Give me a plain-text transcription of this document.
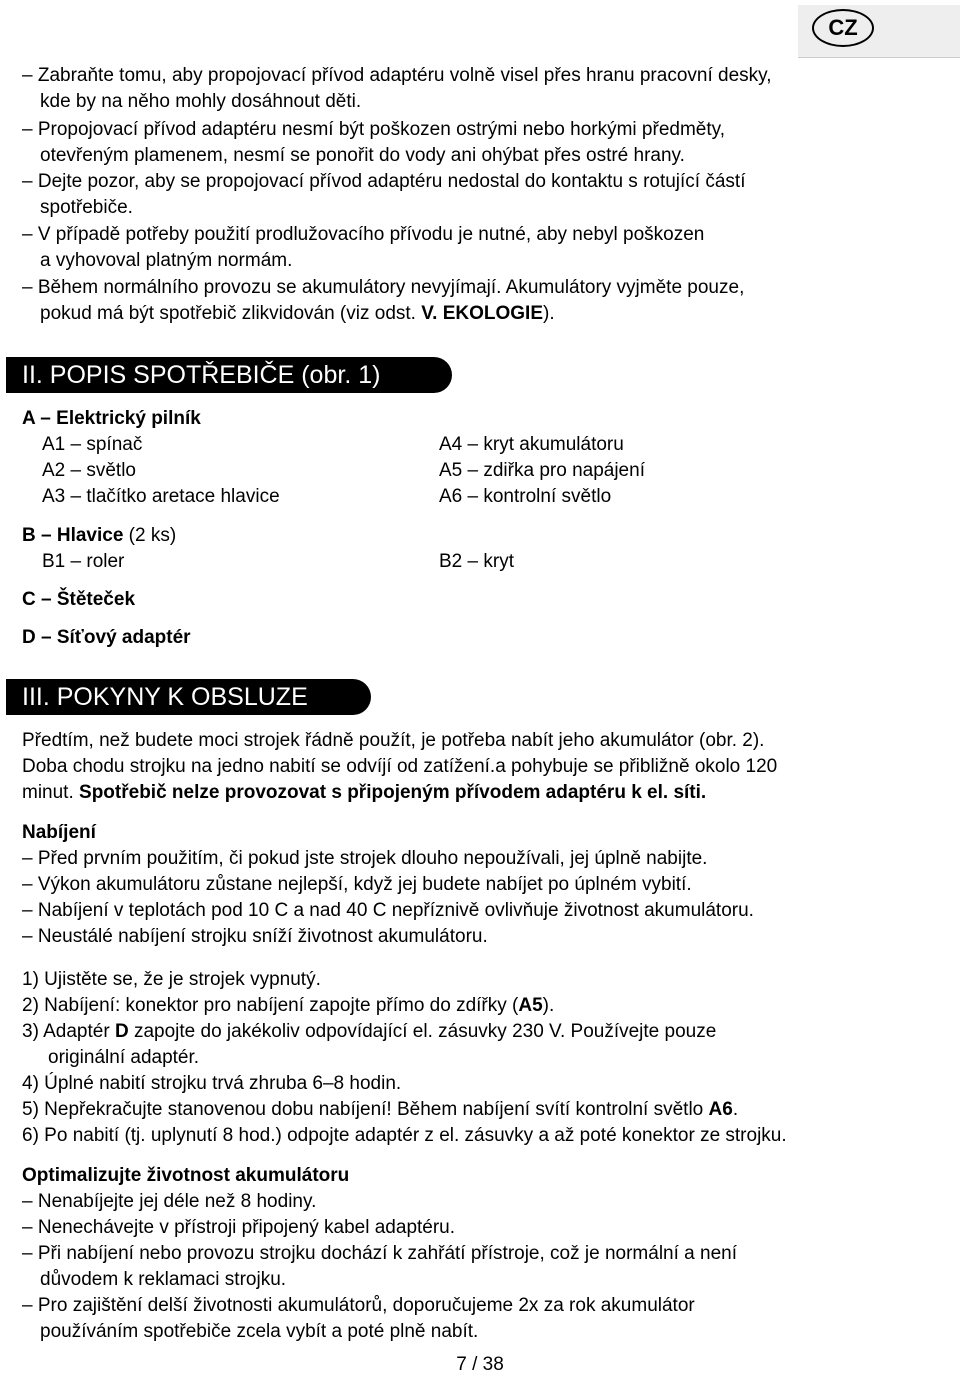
CZ
– Zabraňte tomu, aby propojovací přívod adaptéru volně visel přes hranu pracovní desky,
kde by na něho mohly dosáhnout děti.
– Propojovací přívod adaptéru nesmí být poškozen ostrými nebo horkými předměty,
otevřeným plamenem, nesmí se ponořit do vody ani ohýbat přes ostré hrany.
– Dejte pozor, aby se propojovací přívod adaptéru nedostal do kontaktu s rotující částí
spotřebiče.
– V případě potřeby použití prodlužovacího přívodu je nutné, aby nebyl poškozen
a vyhovoval platným normám.
– Během normálního provozu se akumulátory nevyjímají. Akumulátory vyjměte pouze,
pokud má být spotřebič zlikvidován (viz odst. V. EKOLOGIE).
II. POPIS SPOTŘEBIČE (obr. 1)
A – Elektrický pilník
A1 – spínač
A2 – světlo
A3 – tlačítko aretace hlavice
A4 – kryt akumulátoru
A5 – zdiřka pro napájení
A6 – kontrolní světlo
B – Hlavice (2 ks)
B1 – roler	B2 – kryt
C – Štěteček
D – Síťový adaptér
III. POKYNY K OBSLUZE
Předtím, než budete moci strojek řádně použít, je potřeba nabít jeho akumulátor (obr. 2).
Doba chodu strojku na jedno nabití se odvíjí od zatížení.a pohybuje se přibližně okolo 120
minut. Spotřebič nelze provozovat s připojeným přívodem adaptéru k el. síti.
Nabíjení
– Před prvním použitím, či pokud jste strojek dlouho nepoužívali, jej úplně nabijte.
– Výkon akumulátoru zůstane nejlepší, když jej budete nabíjet po úplném vybití.
– Nabíjení v teplotách pod 10 C a nad 40 C nepříznivě ovlivňuje životnost akumulátoru.
– Neustálé nabíjení strojku sníží životnost akumulátoru.
1) Ujistěte se, že je strojek vypnutý.
2) Nabíjení: konektor pro nabíjení zapojte přímo do zdířky (A5).
3) Adaptér D zapojte do jakékoliv odpovídající el. zásuvky 230 V. Používejte pouze
originální adaptér.
4) Úplné nabití strojku trvá zhruba 6–8 hodin.
5) Nepřekračujte stanovenou dobu nabíjení! Během nabíjení svítí kontrolní světlo A6.
6) Po nabití (tj. uplynutí 8 hod.) odpojte adaptér z el. zásuvky a až poté konektor ze strojku.
Optimalizujte životnost akumulátoru
– Nenabíjejte jej déle než 8 hodiny.
– Nenechávejte v přístroji připojený kabel adaptéru.
– Při nabíjení nebo provozu strojku dochází k zahřátí přístroje, což je normální a není
důvodem k reklamaci strojku.
– Pro zajištění delší životnosti akumulátorů, doporučujeme 2x za rok akumulátor
používáním spotřebiče zcela vybít a poté plně nabít.
7 / 38
